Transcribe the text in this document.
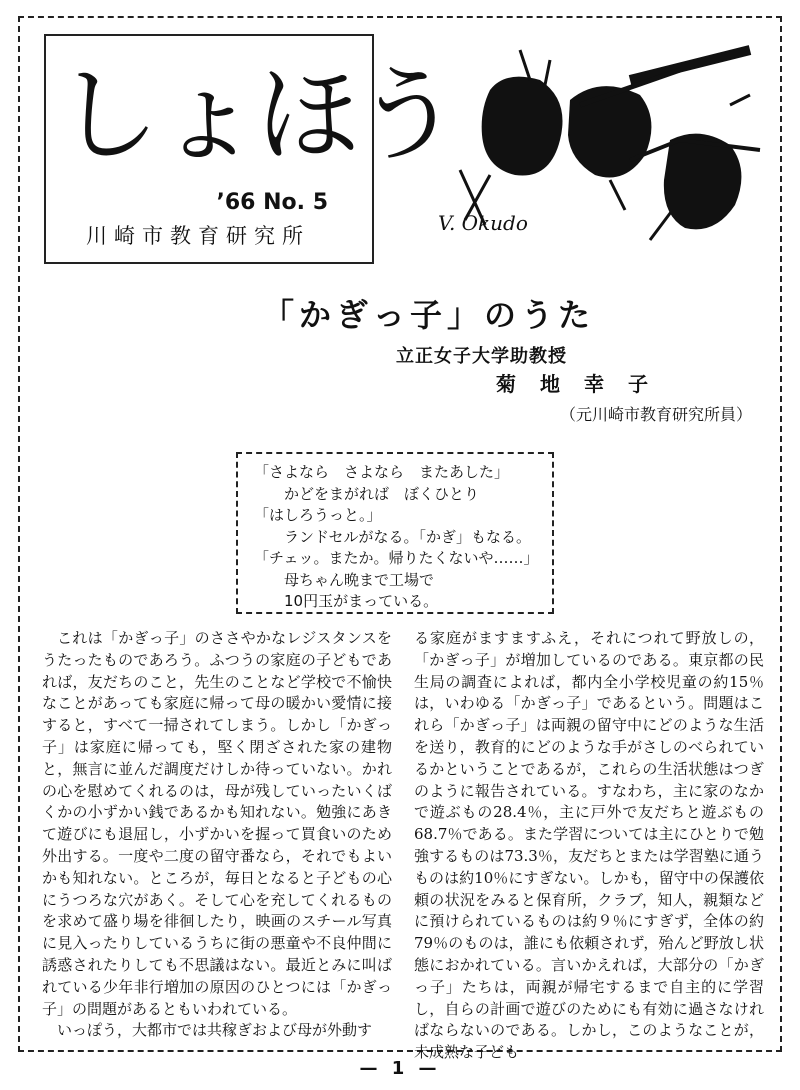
しょほう
’66 No. 5
川崎市教育研究所
V. Okudo
「かぎっ子」のうた
立正女子大学助教授
菊地幸子
（元川崎市教育研究所員）
「さよなら　さよなら　またあした」
かどをまがれば　ぼくひとり
「はしろうっと。」
ランドセルがなる。「かぎ」もなる。
「チェッ。またか。帰りたくないや……」
母ちゃん晩まで工場で
10円玉がまっている。

これは「かぎっ子」のささやかなレジスタンスをうたったものであろう。ふつうの家庭の子どもであれば，友だちのこと，先生のことなど学校で不愉快なことがあっても家庭に帰って母の暖かい愛情に接すると，すべて一掃されてしまう。しかし「かぎっ子」は家庭に帰っても，堅く閉ざされた家の建物と，無言に並んだ調度だけしか待っていない。かれの心を慰めてくれるのは，母が残していったいくばくかの小ずかい銭であるかも知れない。勉強にあきて遊びにも退屈し，小ずかいを握って買食いのため外出する。一度や二度の留守番なら，それでもよいかも知れない。ところが，毎日となると子どもの心にうつろな穴があく。そして心を充してくれるものを求めて盛り場を徘徊したり，映画のスチール写真に見入ったりしているうちに街の悪童や不良仲間に誘惑されたりしても不思議はない。最近とみに叫ばれている少年非行増加の原因のひとつには「かぎっ子」の問題があるともいわれている。

いっぽう，大都市では共稼ぎおよび母が外動す

る家庭がますますふえ，それにつれて野放しの，「かぎっ子」が増加しているのである。東京都の民生局の調査によれば，都内全小学校児童の約15％は，いわゆる「かぎっ子」であるという。問題はこれら「かぎっ子」は両親の留守中にどのような生活を送り，教育的にどのような手がさしのべられているかということであるが，これらの生活状態はつぎのように報告されている。すなわち，主に家のなかで遊ぶもの28.4％，主に戸外で友だちと遊ぶもの68.7％である。また学習については主にひとりで勉強するものは73.3％，友だちとまたは学習塾に通うものは約10％にすぎない。しかも，留守中の保護依頼の状況をみると保育所，クラブ，知人，親類などに預けられているものは約９％にすぎず，全体の約79％のものは，誰にも依頼されず，殆んど野放し状態におかれている。言いかえれば，大部分の「かぎっ子」たちは，両親が帰宅するまで自主的に学習し，自らの計画で遊びのためにも有効に過さなければならないのである。しかし，このようなことが，未成熟な子ども

— 1 —
